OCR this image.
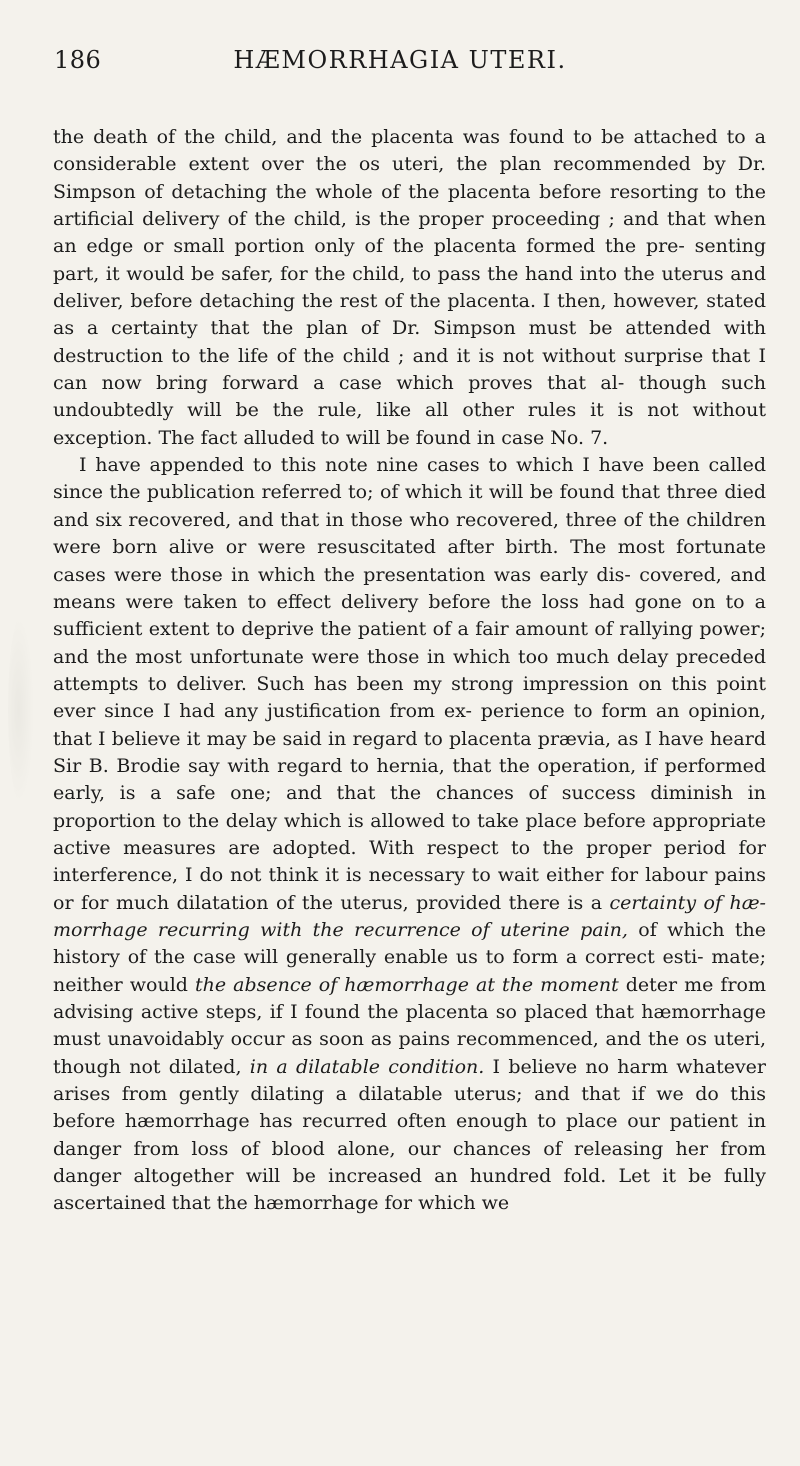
186	HÆMORRHAGIA UTERI.

the death of the child, and the placenta was found to be attached to a considerable extent over the os uteri, the plan recommended by Dr. Simpson of detaching the whole of the placenta before resorting to the artificial delivery of the child, is the proper proceeding ; and that when an edge or small portion only of the placenta formed the pre- senting part, it would be safer, for the child, to pass the hand into the uterus and deliver, before detaching the rest of the placenta. I then, however, stated as a certainty that the plan of Dr. Simpson must be attended with destruction to the life of the child ; and it is not without surprise that I can now bring forward a case which proves that al- though such undoubtedly will be the rule, like all other rules it is not without exception. The fact alluded to will be found in case No. 7.

I have appended to this note nine cases to which I have been called since the publication referred to; of which it will be found that three died and six recovered, and that in those who recovered, three of the children were born alive or were resuscitated after birth. The most fortunate cases were those in which the presentation was early dis- covered, and means were taken to effect delivery before the loss had gone on to a sufficient extent to deprive the patient of a fair amount of rallying power; and the most unfortunate were those in which too much delay preceded attempts to deliver. Such has been my strong impression on this point ever since I had any justification from ex- perience to form an opinion, that I believe it may be said in regard to placenta prævia, as I have heard Sir B. Brodie say with regard to hernia, that the operation, if performed early, is a safe one; and that the chances of success diminish in proportion to the delay which is allowed to take place before appropriate active measures are adopted. With respect to the proper period for interference, I do not think it is necessary to wait either for labour pains or for much dilatation of the uterus, provided there is a certainty of hæ- morrhage recurring with the recurrence of uterine pain, of which the history of the case will generally enable us to form a correct esti- mate; neither would the absence of hæmorrhage at the moment deter me from advising active steps, if I found the placenta so placed that hæmorrhage must unavoidably occur as soon as pains recommenced, and the os uteri, though not dilated, in a dilatable condition. I believe no harm whatever arises from gently dilating a dilatable uterus; and that if we do this before hæmorrhage has recurred often enough to place our patient in danger from loss of blood alone, our chances of releasing her from danger altogether will be increased an hundred fold. Let it be fully ascertained that the hæmorrhage for which we
